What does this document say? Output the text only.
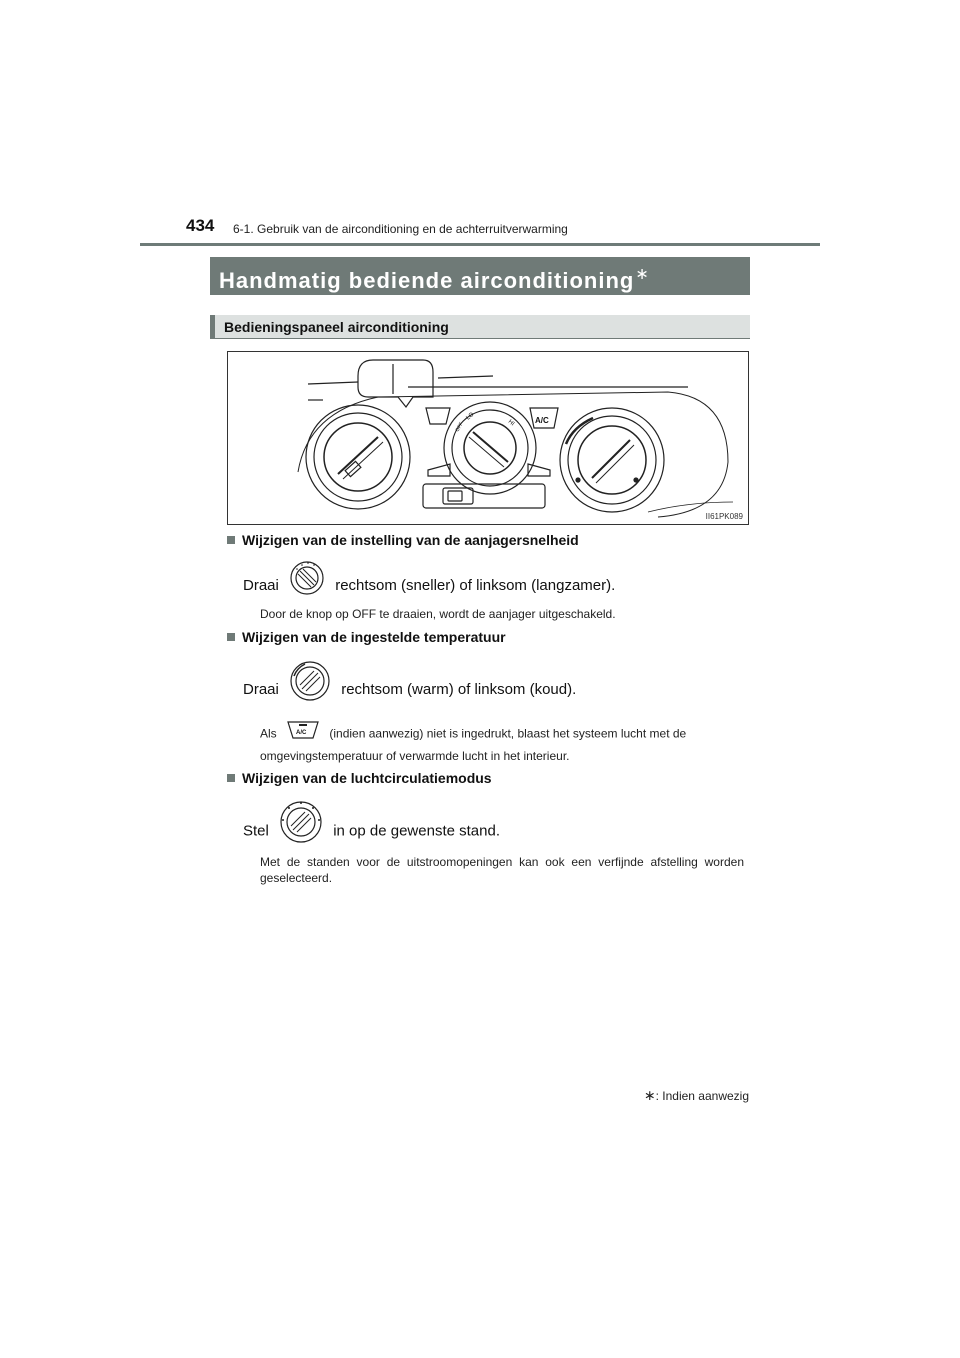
434 6-1. Gebruik van de airconditioning en de achterruitverwarming
Handmatig bediende airconditioning∗
Bedieningspaneel airconditioning
A/C
LO
HI
OFF
II61PK089
Wijzigen van de instelling van de aanjagersnelheid
Draai	rechtsom (sneller) of linksom (langzamer).
Door de knop op OFF te draaien, wordt de aanjager uitgeschakeld.
Wijzigen van de ingestelde temperatuur
Draai	rechtsom (warm) of linksom (koud).
Als	A/C (indien aanwezig) niet is ingedrukt, blaast het systeem lucht met de
omgevingstemperatuur of verwarmde lucht in het interieur.
Wijzigen van de luchtcirculatiemodus
Stel	in op de gewenste stand.
Met de standen voor de uitstroomopeningen kan ook een verfijnde afstelling worden geselecteerd.
∗: Indien aanwezig
